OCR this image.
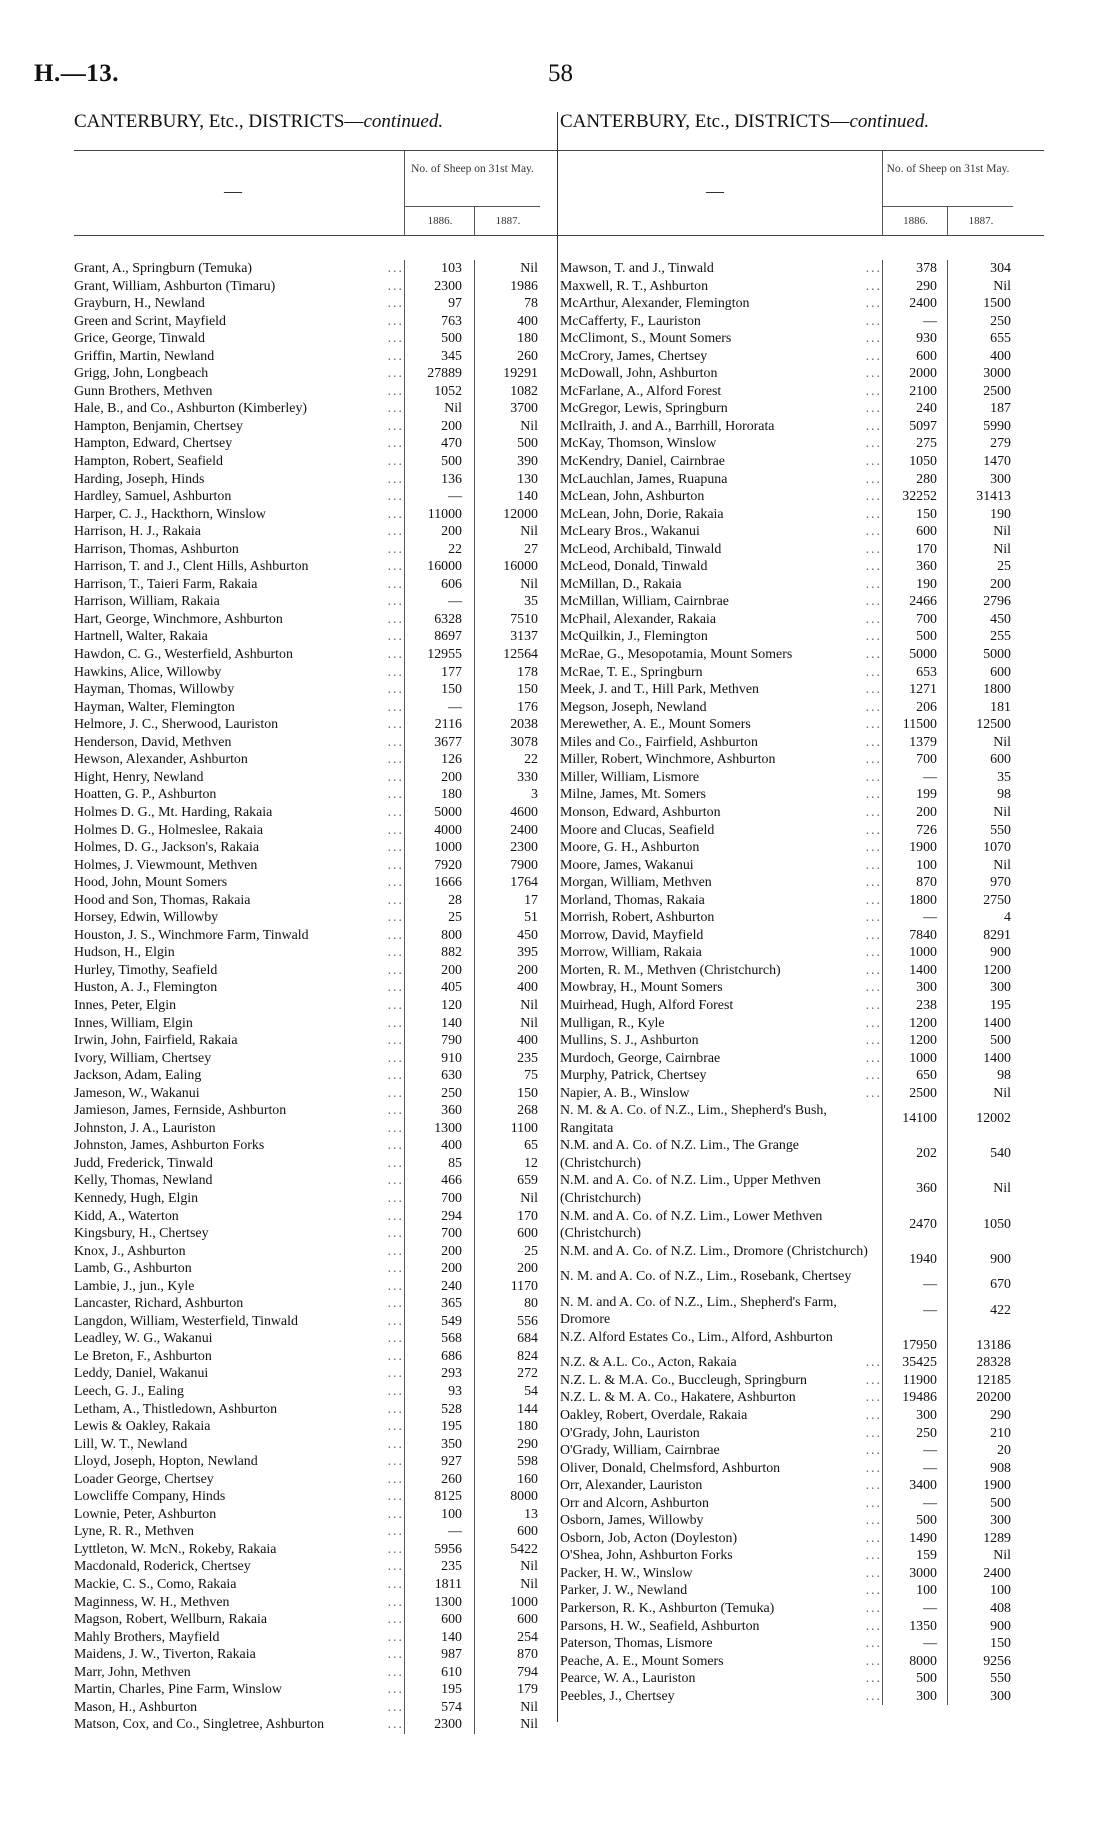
H.—13.	58
CANTERBURY, Etc., DISTRICTS—continued.
—
No. of Sheep on 31st May.
1886.	1887.
Grant, A., Springburn (Temuka)	...	103	Nil
Grant, William, Ashburton (Timaru)	...	2300	1986
Grayburn, H., Newland	...	97	78
Green and Scrint, Mayfield	...	763	400
Grice, George, Tinwald	...	500	180
Griffin, Martin, Newland	...	345	260
Grigg, John, Longbeach	...	27889	19291
Gunn Brothers, Methven	...	1052	1082
Hale, B., and Co., Ashburton (Kimberley)	...	Nil	3700
Hampton, Benjamin, Chertsey	...	200	Nil
Hampton, Edward, Chertsey	...	470	500
Hampton, Robert, Seafield	...	500	390
Harding, Joseph, Hinds	...	136	130
Hardley, Samuel, Ashburton	...	—	140
Harper, C. J., Hackthorn, Winslow	...	11000	12000
Harrison, H. J., Rakaia	...	200	Nil
Harrison, Thomas, Ashburton	...	22	27
Harrison, T. and J., Clent Hills, Ashburton	...	16000	16000
Harrison, T., Taieri Farm, Rakaia	...	606	Nil
Harrison, William, Rakaia	...	—	35
Hart, George, Winchmore, Ashburton	...	6328	7510
Hartnell, Walter, Rakaia	...	8697	3137
Hawdon, C. G., Westerfield, Ashburton	...	12955	12564
Hawkins, Alice, Willowby	...	177	178
Hayman, Thomas, Willowby	...	150	150
Hayman, Walter, Flemington	...	—	176
Helmore, J. C., Sherwood, Lauriston	...	2116	2038
Henderson, David, Methven	...	3677	3078
Hewson, Alexander, Ashburton	...	126	22
Hight, Henry, Newland	...	200	330
Hoatten, G. P., Ashburton	...	180	3
Holmes D. G., Mt. Harding, Rakaia	...	5000	4600
Holmes D. G., Holmeslee, Rakaia	...	4000	2400
Holmes, D. G., Jackson's, Rakaia	...	1000	2300
Holmes, J. Viewmount, Methven	...	7920	7900
Hood, John, Mount Somers	...	1666	1764
Hood and Son, Thomas, Rakaia	...	28	17
Horsey, Edwin, Willowby	...	25	51
Houston, J. S., Winchmore Farm, Tinwald	...	800	450
Hudson, H., Elgin	...	882	395
Hurley, Timothy, Seafield	...	200	200
Huston, A. J., Flemington	...	405	400
Innes, Peter, Elgin	...	120	Nil
Innes, William, Elgin	...	140	Nil
Irwin, John, Fairfield, Rakaia	...	790	400
Ivory, William, Chertsey	...	910	235
Jackson, Adam, Ealing	...	630	75
Jameson, W., Wakanui	...	250	150
Jamieson, James, Fernside, Ashburton	...	360	268
Johnston, J. A., Lauriston	...	1300	1100
Johnston, James, Ashburton Forks	...	400	65
Judd, Frederick, Tinwald	...	85	12
Kelly, Thomas, Newland	...	466	659
Kennedy, Hugh, Elgin	...	700	Nil
Kidd, A., Waterton	...	294	170
Kingsbury, H., Chertsey	...	700	600
Knox, J., Ashburton	...	200	25
Lamb, G., Ashburton	...	200	200
Lambie, J., jun., Kyle	...	240	1170
Lancaster, Richard, Ashburton	...	365	80
Langdon, William, Westerfield, Tinwald	...	549	556
Leadley, W. G., Wakanui	...	568	684
Le Breton, F., Ashburton	...	686	824
Leddy, Daniel, Wakanui	...	293	272
Leech, G. J., Ealing	...	93	54
Letham, A., Thistledown, Ashburton	...	528	144
Lewis & Oakley, Rakaia	...	195	180
Lill, W. T., Newland	...	350	290
Lloyd, Joseph, Hopton, Newland	...	927	598
Loader George, Chertsey	...	260	160
Lowcliffe Company, Hinds	...	8125	8000
Lownie, Peter, Ashburton	...	100	13
Lyne, R. R., Methven	...	—	600
Lyttleton, W. McN., Rokeby, Rakaia	...	5956	5422
Macdonald, Roderick, Chertsey	...	235	Nil
Mackie, C. S., Como, Rakaia	...	1811	Nil
Maginness, W. H., Methven	...	1300	1000
Magson, Robert, Wellburn, Rakaia	...	600	600
Mahly Brothers, Mayfield	...	140	254
Maidens, J. W., Tiverton, Rakaia	...	987	870
Marr, John, Methven	...	610	794
Martin, Charles, Pine Farm, Winslow	...	195	179
Mason, H., Ashburton	...	574	Nil
Matson, Cox, and Co., Singletree, Ashburton	...	2300	Nil
CANTERBURY, Etc., DISTRICTS—continued.
—
No. of Sheep on 31st May.
1886.	1887.
Mawson, T. and J., Tinwald	...	378	304
Maxwell, R. T., Ashburton	...	290	Nil
McArthur, Alexander, Flemington	...	2400	1500
McCafferty, F., Lauriston	...	—	250
McClimont, S., Mount Somers	...	930	655
McCrory, James, Chertsey	...	600	400
McDowall, John, Ashburton	...	2000	3000
McFarlane, A., Alford Forest	...	2100	2500
McGregor, Lewis, Springburn	...	240	187
McIlraith, J. and A., Barrhill, Hororata	...	5097	5990
McKay, Thomson, Winslow	...	275	279
McKendry, Daniel, Cairnbrae	...	1050	1470
McLauchlan, James, Ruapuna	...	280	300
McLean, John, Ashburton	...	32252	31413
McLean, John, Dorie, Rakaia	...	150	190
McLeary Bros., Wakanui	...	600	Nil
McLeod, Archibald, Tinwald	...	170	Nil
McLeod, Donald, Tinwald	...	360	25
McMillan, D., Rakaia	...	190	200
McMillan, William, Cairnbrae	...	2466	2796
McPhail, Alexander, Rakaia	...	700	450
McQuilkin, J., Flemington	...	500	255
McRae, G., Mesopotamia, Mount Somers	...	5000	5000
McRae, T. E., Springburn	...	653	600
Meek, J. and T., Hill Park, Methven	...	1271	1800
Megson, Joseph, Newland	...	206	181
Merewether, A. E., Mount Somers	...	11500	12500
Miles and Co., Fairfield, Ashburton	...	1379	Nil
Miller, Robert, Winchmore, Ashburton	...	700	600
Miller, William, Lismore	...	—	35
Milne, James, Mt. Somers	...	199	98
Monson, Edward, Ashburton	...	200	Nil
Moore and Clucas, Seafield	...	726	550
Moore, G. H., Ashburton	...	1900	1070
Moore, James, Wakanui	...	100	Nil
Morgan, William, Methven	...	870	970
Morland, Thomas, Rakaia	...	1800	2750
Morrish, Robert, Ashburton	...	—	4
Morrow, David, Mayfield	...	7840	8291
Morrow, William, Rakaia	...	1000	900
Morten, R. M., Methven (Christchurch)	...	1400	1200
Mowbray, H., Mount Somers	...	300	300
Muirhead, Hugh, Alford Forest	...	238	195
Mulligan, R., Kyle	...	1200	1400
Mullins, S. J., Ashburton	...	1200	500
Murdoch, George, Cairnbrae	...	1000	1400
Murphy, Patrick, Chertsey	...	650	98
Napier, A. B., Winslow	...	2500	Nil
N. M. & A. Co. of N.Z., Lim., Shepherd's Bush, Rangitata
14100	12002
N.M. and A. Co. of N.Z. Lim., The Grange (Christchurch)
202	540
N.M. and A. Co. of N.Z. Lim., Upper Methven (Christchurch)
360	Nil
N.M. and A. Co. of N.Z. Lim., Lower Methven (Christchurch)
2470	1050
N.M. and A. Co. of N.Z. Lim., Dromore (Christchurch)
1940	900
N. M. and A. Co. of N.Z., Lim., Rosebank, Chertsey
—	670
N. M. and A. Co. of N.Z., Lim., Shepherd's Farm, Dromore
—	422
N.Z. Alford Estates Co., Lim., Alford, Ashburton
17950	13186
N.Z. & A.L. Co., Acton, Rakaia	...	35425	28328
N.Z. L. & M.A. Co., Buccleugh, Springburn	...	11900	12185
N.Z. L. & M. A. Co., Hakatere, Ashburton	...	19486	20200
Oakley, Robert, Overdale, Rakaia	...	300	290
O'Grady, John, Lauriston	...	250	210
O'Grady, William, Cairnbrae	...	—	20
Oliver, Donald, Chelmsford, Ashburton	...	—	908
Orr, Alexander, Lauriston	...	3400	1900
Orr and Alcorn, Ashburton	...	—	500
Osborn, James, Willowby	...	500	300
Osborn, Job, Acton (Doyleston)	...	1490	1289
O'Shea, John, Ashburton Forks	...	159	Nil
Packer, H. W., Winslow	...	3000	2400
Parker, J. W., Newland	...	100	100
Parkerson, R. K., Ashburton (Temuka)	...	—	408
Parsons, H. W., Seafield, Ashburton	...	1350	900
Paterson, Thomas, Lismore	...	—	150
Peache, A. E., Mount Somers	...	8000	9256
Pearce, W. A., Lauriston	...	500	550
Peebles, J., Chertsey	...	300	300
